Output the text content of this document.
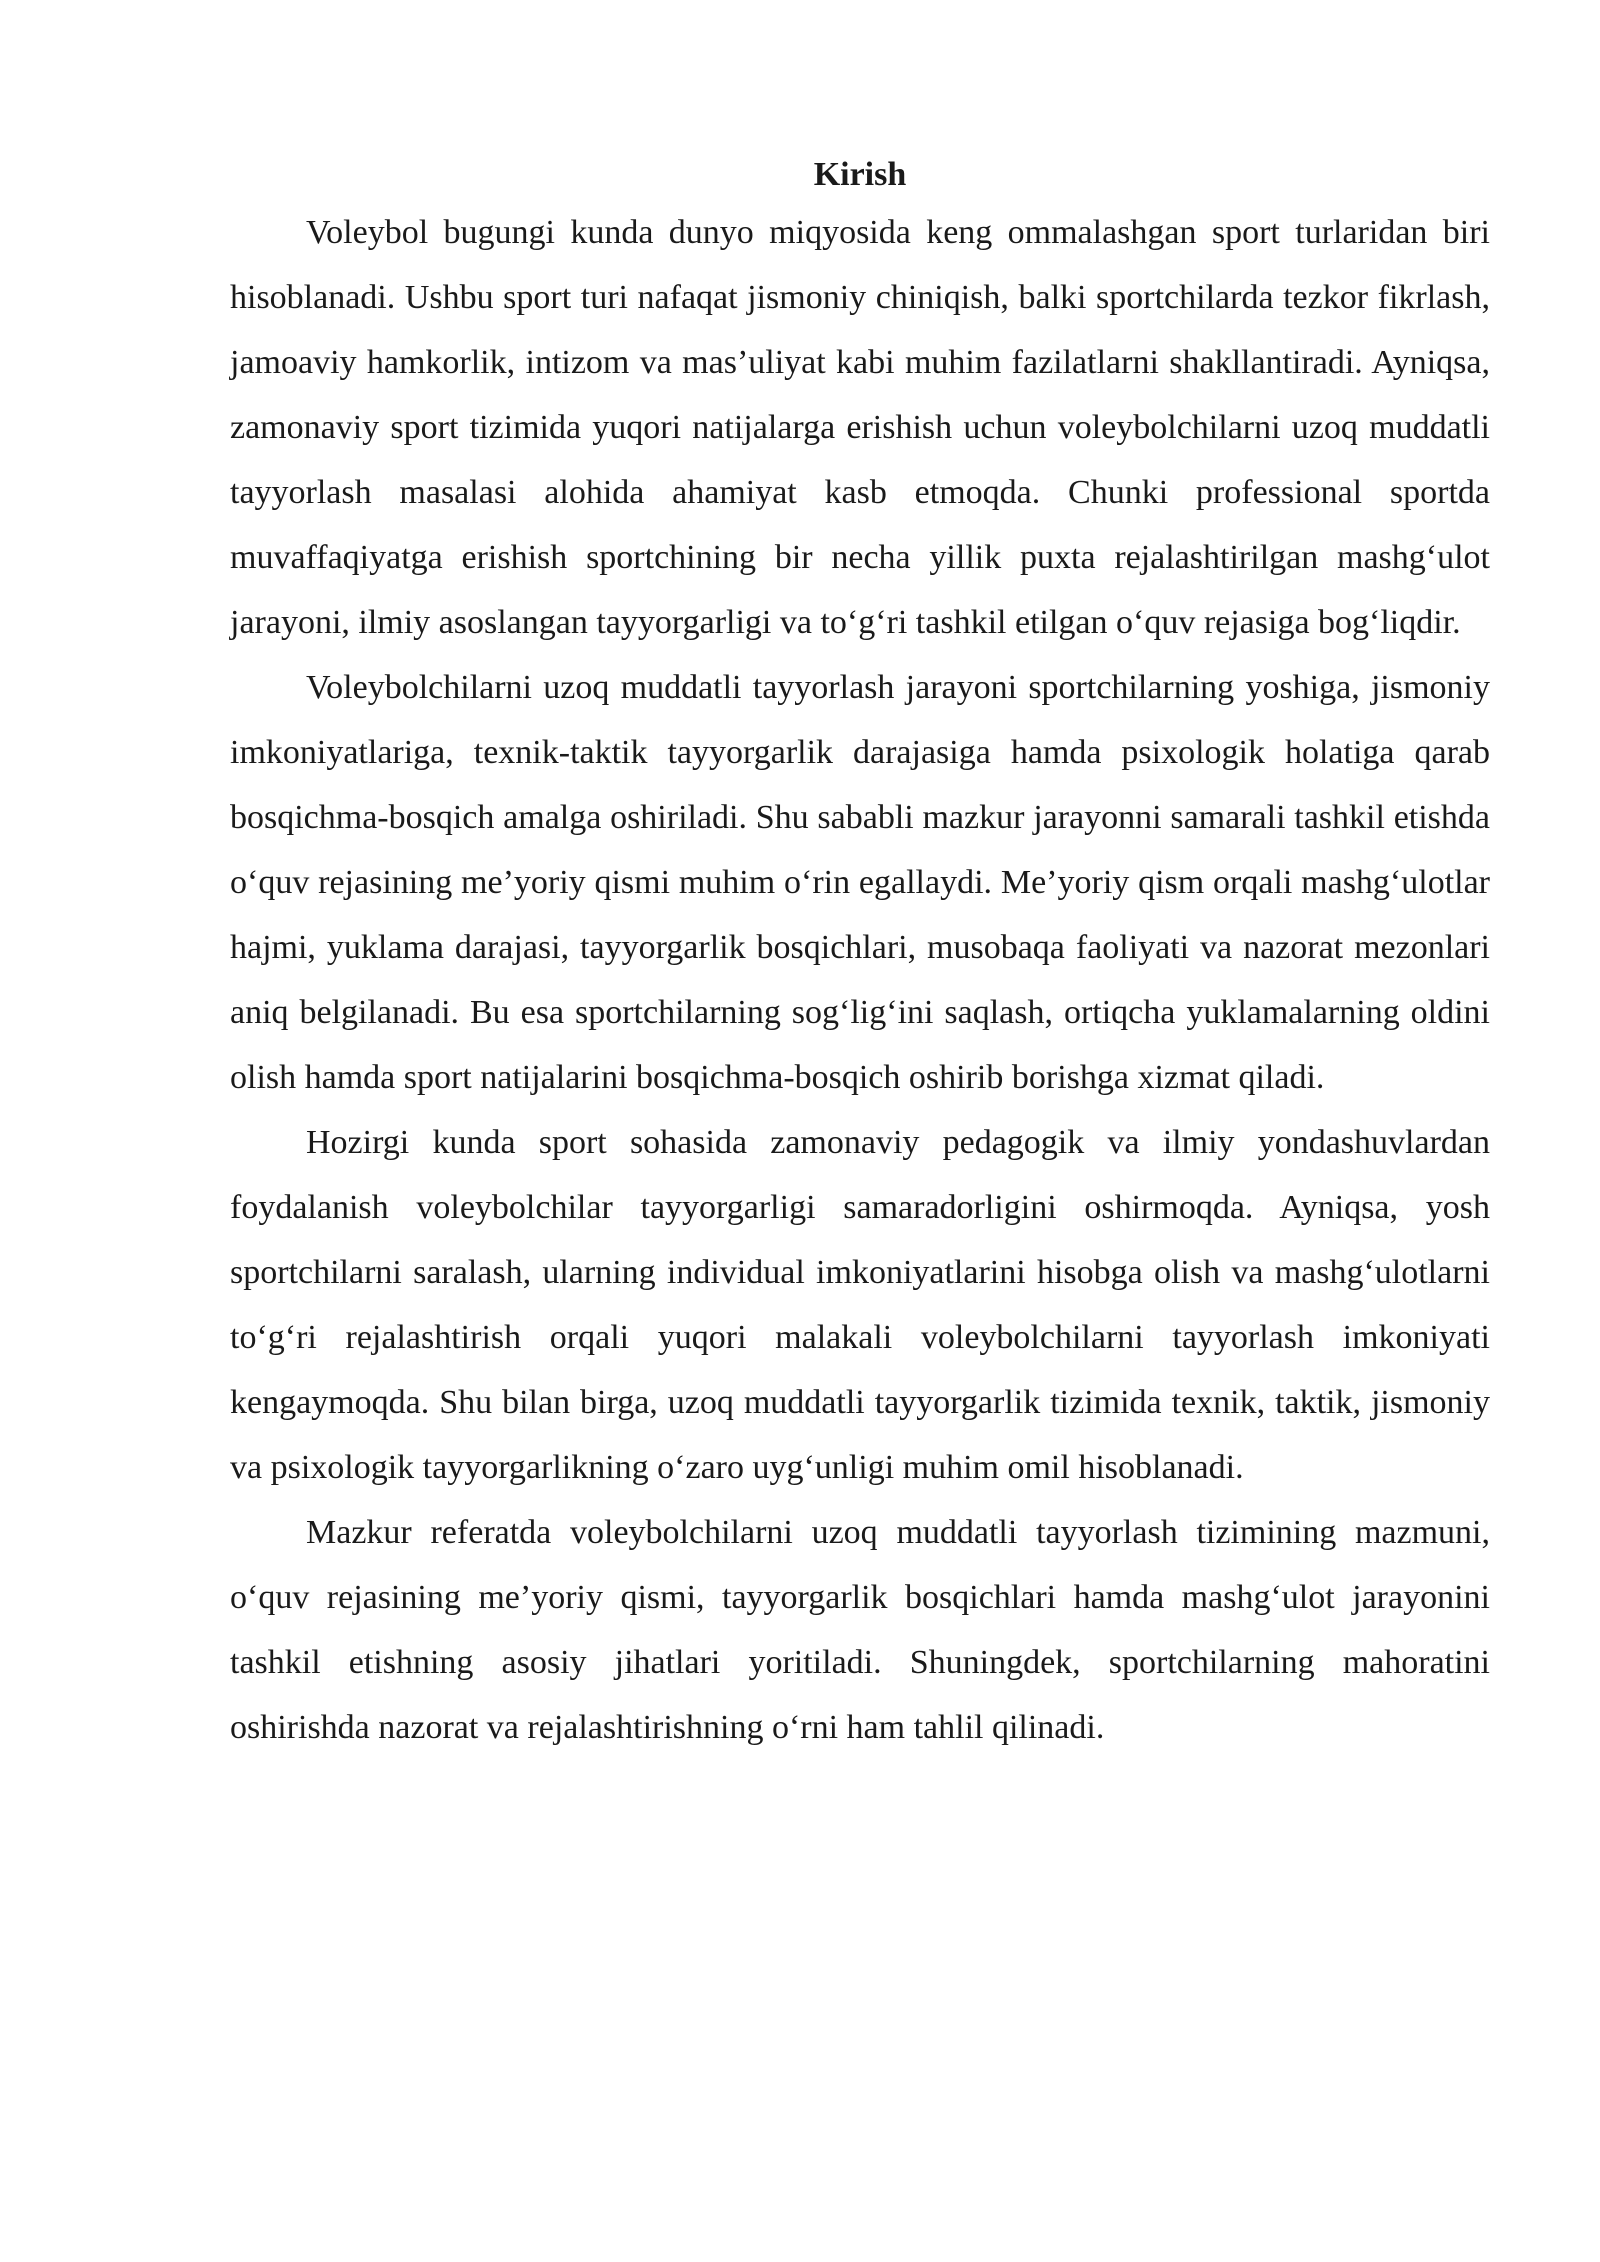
Kirish

Voleybol bugungi kunda dunyo miqyosida keng ommalashgan sport turlaridan biri hisoblanadi. Ushbu sport turi nafaqat jismoniy chiniqish, balki sportchilarda tezkor fikrlash, jamoaviy hamkorlik, intizom va mas’uliyat kabi muhim fazilatlarni shakllantiradi. Ayniqsa, zamonaviy sport tizimida yuqori natijalarga erishish uchun voleybolchilarni uzoq muddatli tayyorlash masalasi alohida ahamiyat kasb etmoqda. Chunki professional sportda muvaffaqiyatga erishish sportchining bir necha yillik puxta rejalashtirilgan mashg‘ulot jarayoni, ilmiy asoslangan tayyorgarligi va to‘g‘ri tashkil etilgan o‘quv rejasiga bog‘liqdir.

Voleybolchilarni uzoq muddatli tayyorlash jarayoni sportchilarning yoshiga, jismoniy imkoniyatlariga, texnik-taktik tayyorgarlik darajasiga hamda psixologik holatiga qarab bosqichma-bosqich amalga oshiriladi. Shu sababli mazkur jarayonni samarali tashkil etishda o‘quv rejasining me’yoriy qismi muhim o‘rin egallaydi. Me’yoriy qism orqali mashg‘ulotlar hajmi, yuklama darajasi, tayyorgarlik bosqichlari, musobaqa faoliyati va nazorat mezonlari aniq belgilanadi. Bu esa sportchilarning sog‘lig‘ini saqlash, ortiqcha yuklamalarning oldini olish hamda sport natijalarini bosqichma-bosqich oshirib borishga xizmat qiladi.

Hozirgi kunda sport sohasida zamonaviy pedagogik va ilmiy yondashuvlardan foydalanish voleybolchilar tayyorgarligi samaradorligini oshirmoqda. Ayniqsa, yosh sportchilarni saralash, ularning individual imkoniyatlarini hisobga olish va mashg‘ulotlarni to‘g‘ri rejalashtirish orqali yuqori malakali voleybolchilarni tayyorlash imkoniyati kengaymoqda. Shu bilan birga, uzoq muddatli tayyorgarlik tizimida texnik, taktik, jismoniy va psixologik tayyorgarlikning o‘zaro uyg‘unligi muhim omil hisoblanadi.

Mazkur referatda voleybolchilarni uzoq muddatli tayyorlash tizimining mazmuni, o‘quv rejasining me’yoriy qismi, tayyorgarlik bosqichlari hamda mashg‘ulot jarayonini tashkil etishning asosiy jihatlari yoritiladi. Shuningdek, sportchilarning mahoratini oshirishda nazorat va rejalashtirishning o‘rni ham tahlil qilinadi.
